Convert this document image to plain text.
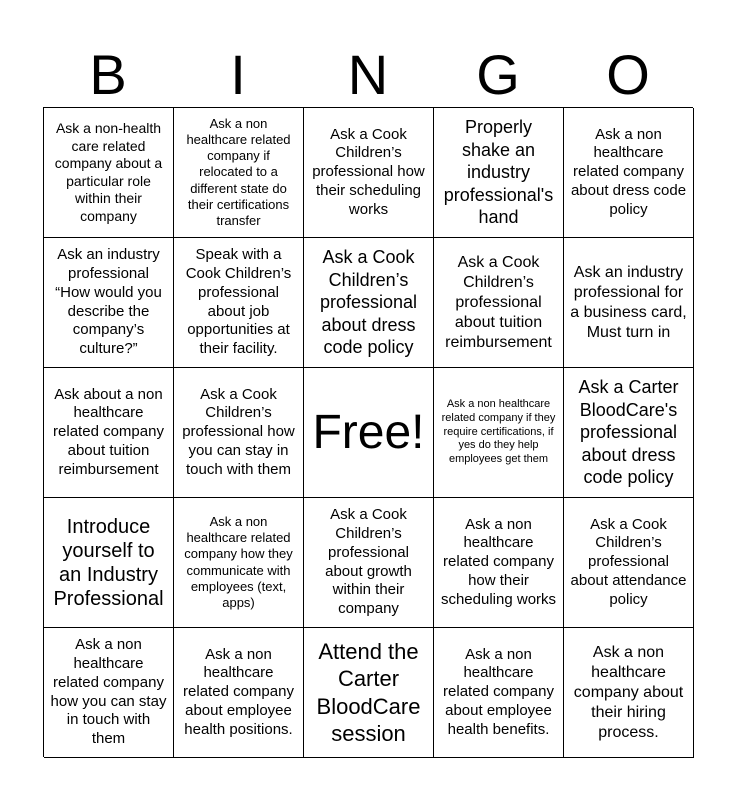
B	I	N	G	O
Ask a non-health care related company about a particular role within their company
Ask a non healthcare related company if relocated to a different state do their certifications transfer
Ask a Cook Children’s professional how their scheduling works
Properly shake an industry professional's hand
Ask a non healthcare related company about dress code policy
Ask an industry professional “How would you describe the company’s culture?”
Speak with a Cook Children’s professional about job opportunities at their facility.
Ask a Cook Children’s professional about dress code policy
Ask a Cook Children’s professional about tuition reimbursement
Ask an industry professional for a business card, Must turn in
Ask about a non healthcare related company about tuition reimbursement
Ask a Cook Children’s professional how you can stay in touch with them
Free!
Ask a non healthcare related company if they require certifications, if yes do they help employees get them
Ask a Carter BloodCare's professional about dress code policy
Introduce yourself to an Industry Professional
Ask a non healthcare related company how they communicate with employees (text, apps)
Ask a Cook Children’s professional about growth within their company
Ask a non healthcare related company how their scheduling works
Ask a Cook Children’s professional about attendance policy
Ask a non healthcare related company how you can stay in touch with them
Ask a non healthcare related company about employee health positions.
Attend the Carter BloodCare session
Ask a non healthcare related company about employee health benefits.
Ask a non healthcare company about their hiring process.
